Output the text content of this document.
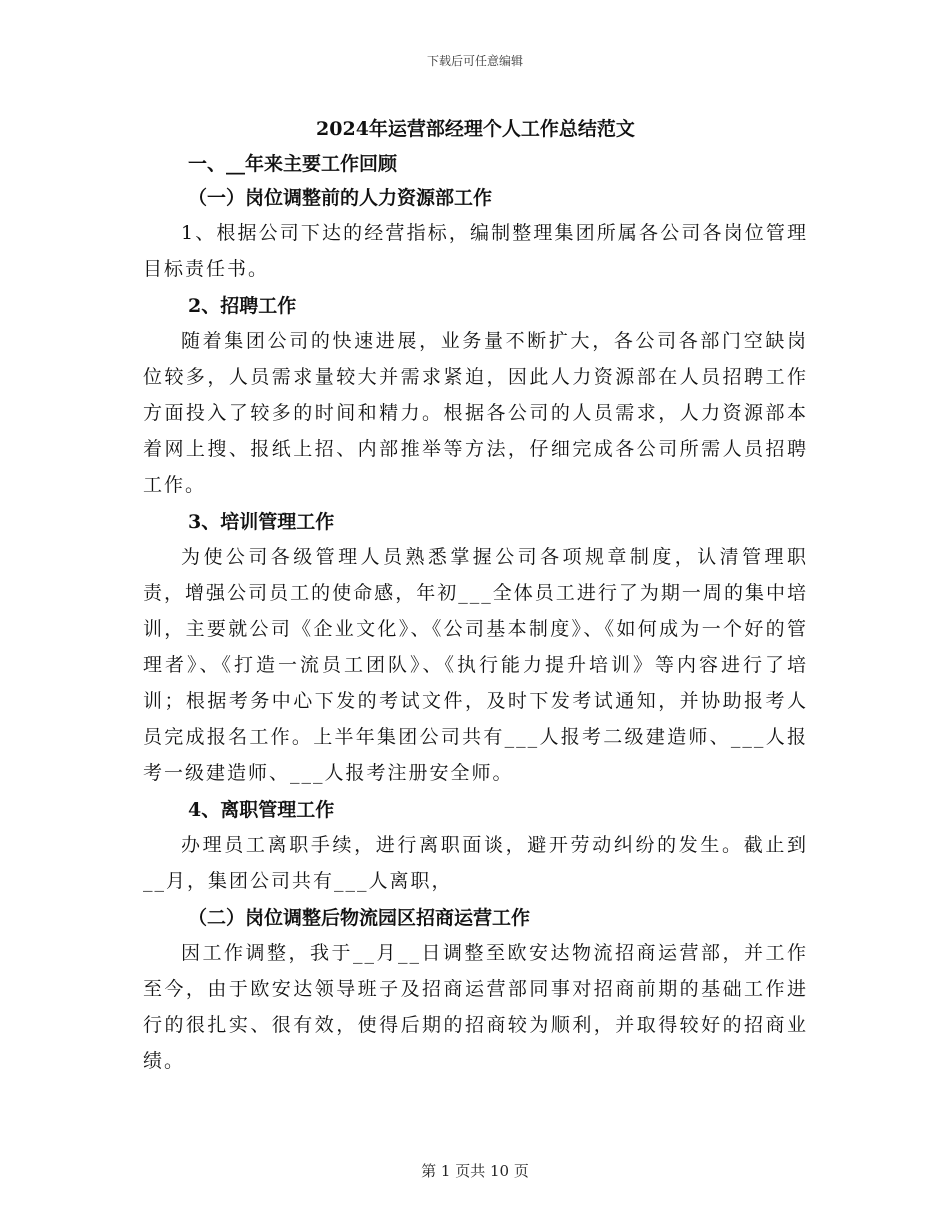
下载后可任意编辑
2024年运营部经理个人工作总结范文
一、__年来主要工作回顾
（一）岗位调整前的人力资源部工作

1、根据公司下达的经营指标，编制整理集团所属各公司各岗位管理目标责任书。

2、招聘工作

随着集团公司的快速进展，业务量不断扩大，各公司各部门空缺岗位较多，人员需求量较大并需求紧迫，因此人力资源部在人员招聘工作方面投入了较多的时间和精力。根据各公司的人员需求，人力资源部本着网上搜、报纸上招、内部推举等方法，仔细完成各公司所需人员招聘工作。

3、培训管理工作

为使公司各级管理人员熟悉掌握公司各项规章制度，认清管理职责，增强公司员工的使命感，年初___全体员工进行了为期一周的集中培训，主要就公司《企业文化》、《公司基本制度》、《如何成为一个好的管理者》、《打造一流员工团队》、《执行能力提升培训》等内容进行了培训；根据考务中心下发的考试文件，及时下发考试通知，并协助报考人员完成报名工作。上半年集团公司共有___人报考二级建造师、___人报考一级建造师、___人报考注册安全师。

4、离职管理工作

办理员工离职手续，进行离职面谈，避开劳动纠纷的发生。截止到__月，集团公司共有___人离职，

（二）岗位调整后物流园区招商运营工作

因工作调整，我于__月__日调整至欧安达物流招商运营部，并工作至今，由于欧安达领导班子及招商运营部同事对招商前期的基础工作进行的很扎实、很有效，使得后期的招商较为顺利，并取得较好的招商业绩。

第 1 页共 10 页
